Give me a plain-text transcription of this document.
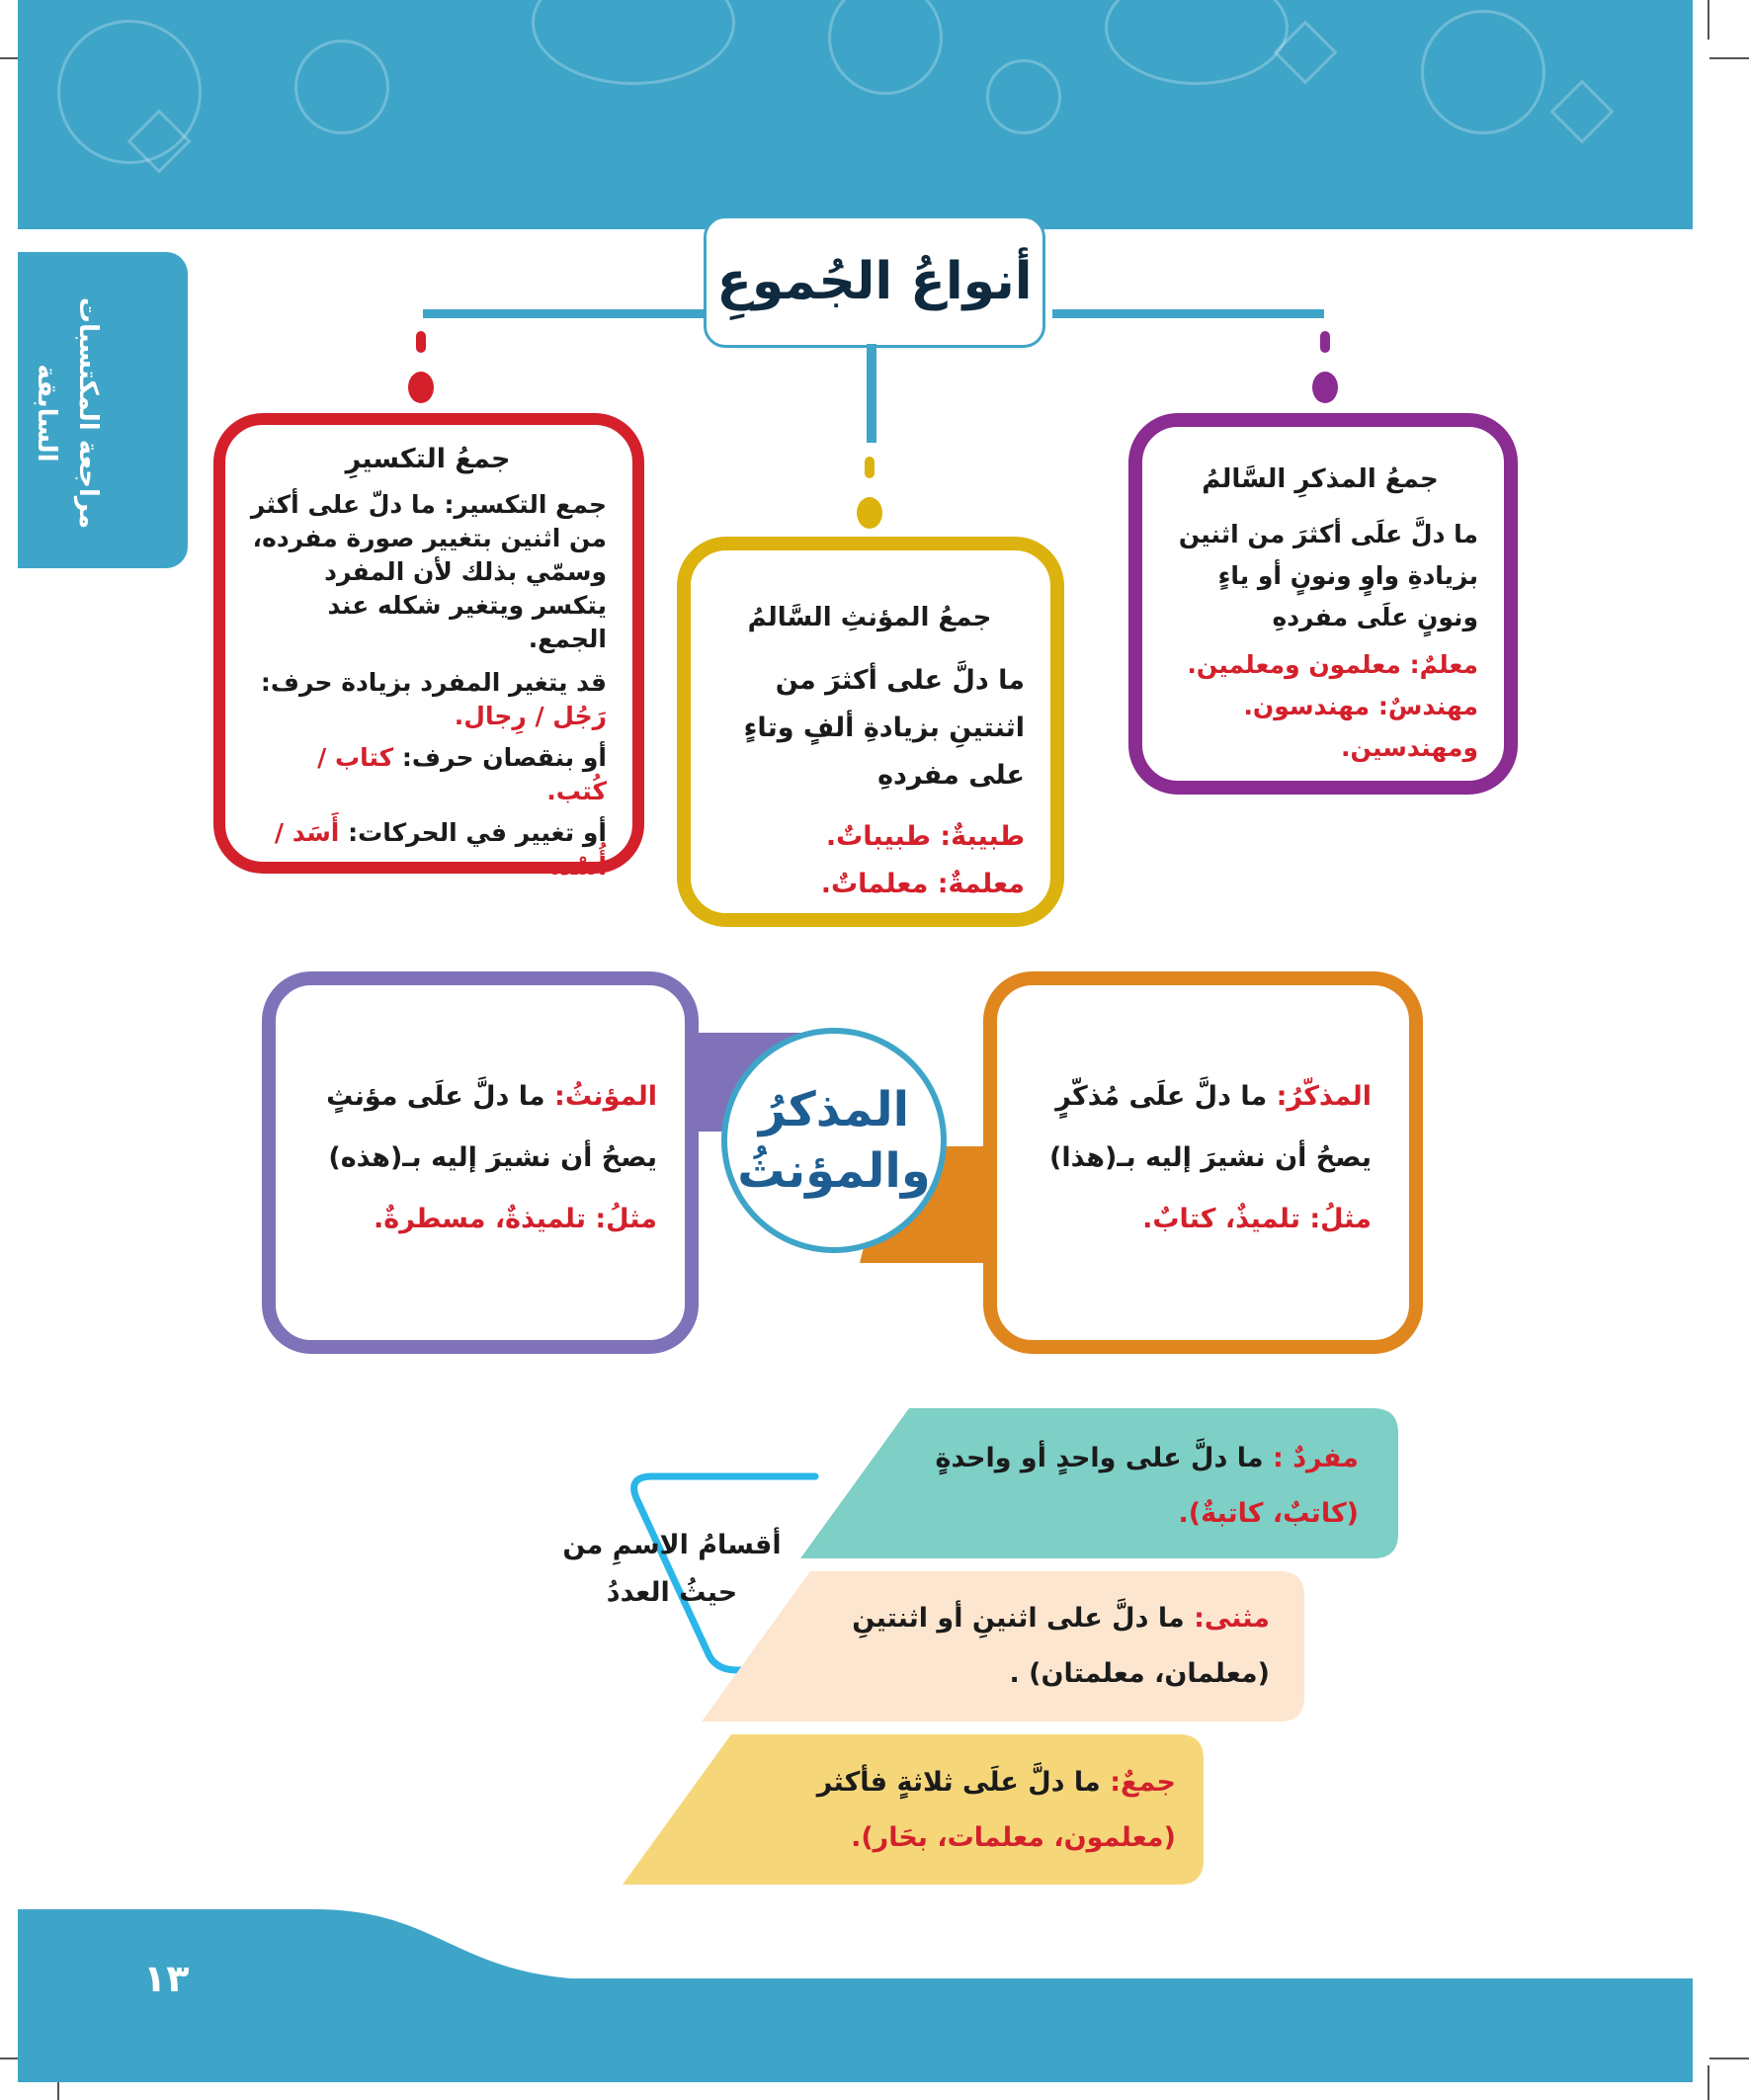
مراجعة المكتسبات السابقة
أنواعُ الجُموعِ
جمعُ التكسيرِ

جمع التكسير: ما دلّ على أكثر من اثنين بتغيير صورة مفرده، وسمّي بذلك لأن المفرد يتكسر ويتغير شكله عند الجمع.

قد يتغير المفرد بزيادة حرف: رَجُل / رِجال.

أو بنقصان حرف: كتاب / كُتب.

أو تغيير في الحركات: أَسَد / أُسْد.

جمعُ المؤنثِ السَّالمُ

ما دلَّ على أكثرَ من اثنتينِ بزيادةِ ألفٍ وتاءٍ على مفردهِ

طبيبةٌ: طبيباتٌ.

معلمةٌ: معلماتٌ.

جمعُ المذكرِ السَّالمُ

ما دلَّ علَى أكثرَ من اثنين بزيادةِ واوٍ ونونٍ أو ياءٍ ونونٍ علَى مفردهِ

معلمٌ: معلمون ومعلمين.

مهندسٌ: مهندسون.

ومهندسين.

المؤنثُ: ما دلَّ علَى مؤنثٍ

يصحُ أن نشيرَ إليه بـ(هذه)

مثلُ: تلميذةٌ، مسطرةٌ.

المذكّرُ: ما دلَّ علَى مُذكّرٍ

يصحُ أن نشيرَ إليه بـ(هذا)

مثلُ: تلميذٌ، كتابٌ.

المذكرُ
والمؤنثُ
أقسامُ الاسمِ من حيثُ العددُ

مفردٌ : ما دلَّ على واحدٍ أو واحدةٍ

(كاتبٌ، كاتبةٌ).

مثنى: ما دلَّ على اثنينِ أو اثنتينِ

(معلمان، معلمتان) .

جمعٌ: ما دلَّ علَى ثلاثةٍ فأكثر

(معلمون، معلمات، بحَار).

١٣
